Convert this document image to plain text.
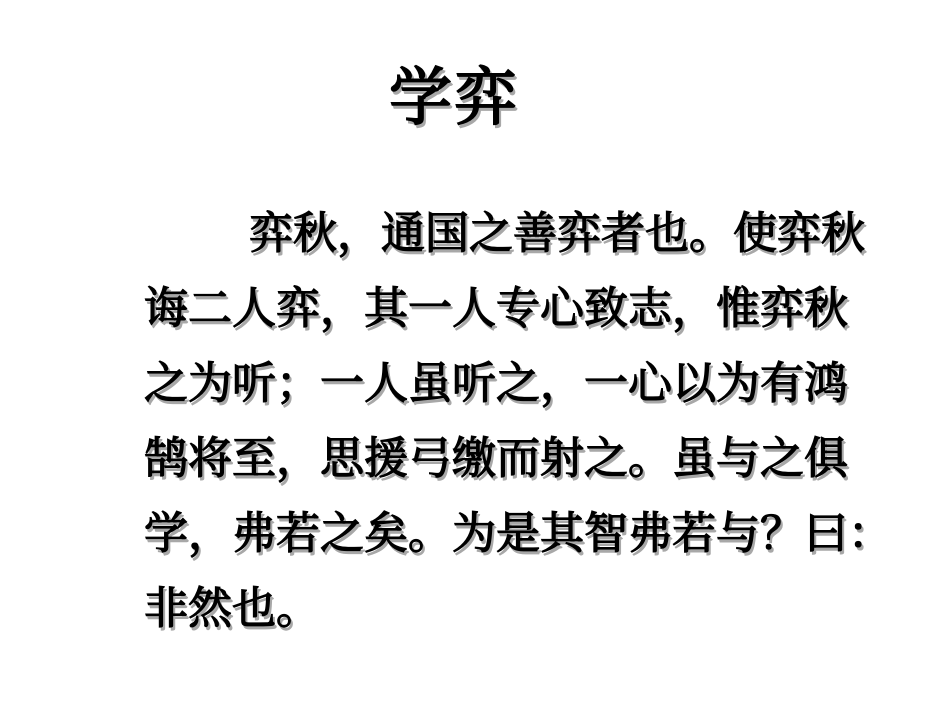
学弈

弈秋，通国之善弈者也。使弈秋

诲二人弈，其一人专心致志，惟弈秋

之为听；一人虽听之，一心以为有鸿

鹄将至，思援弓缴而射之。虽与之俱

学，弗若之矣。为是其智弗若与？曰：

非然也。
